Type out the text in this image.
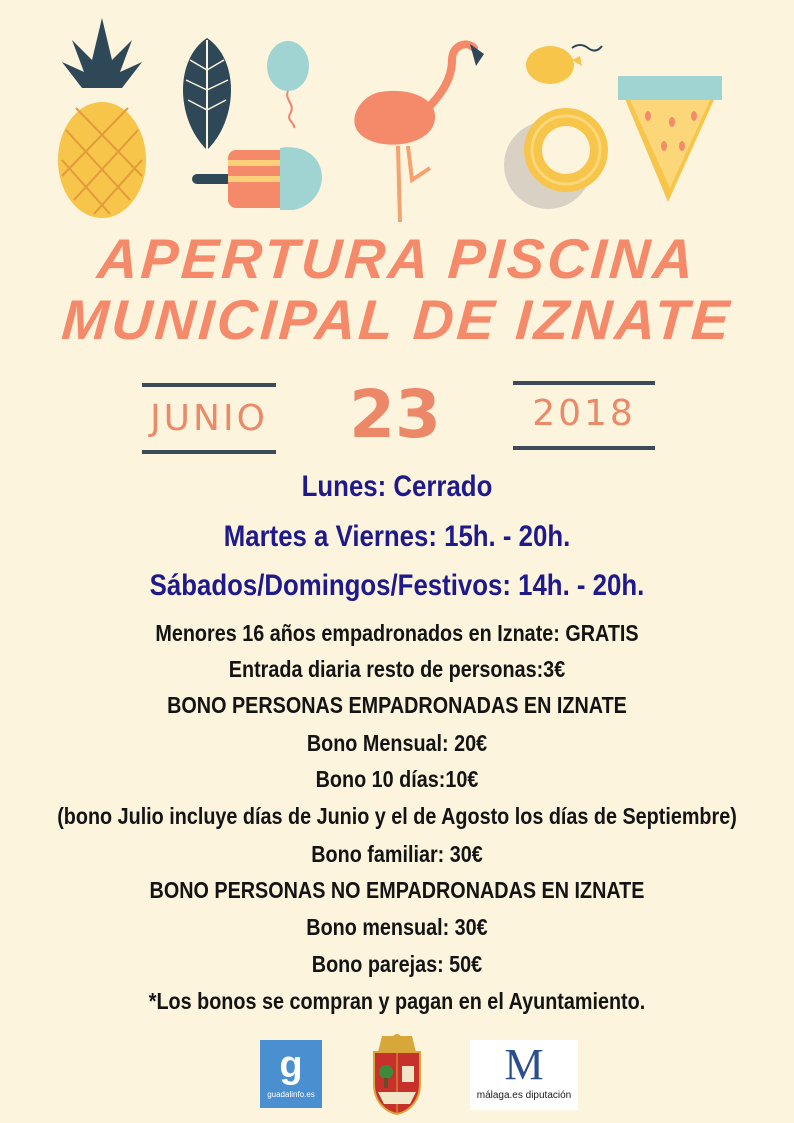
APERTURA PISCINA
MUNICIPAL DE IZNATE
JUNIO 23	2018
Lunes: Cerrado
Martes a Viernes: 15h. - 20h.
Sábados/Domingos/Festivos: 14h. - 20h.
Menores 16 años empadronados en Iznate: GRATIS
Entrada diaria resto de personas:3€
BONO PERSONAS EMPADRONADAS EN IZNATE
Bono Mensual: 20€
Bono 10 días:10€
(bono Julio incluye días de Junio y el de Agosto los días de Septiembre)
Bono familiar: 30€
BONO PERSONAS NO EMPADRONADAS EN IZNATE
Bono mensual: 30€
Bono parejas: 50€
*Los bonos se compran y pagan en el Ayuntamiento.
g
guadalinfo.es
M
málaga.es diputación
